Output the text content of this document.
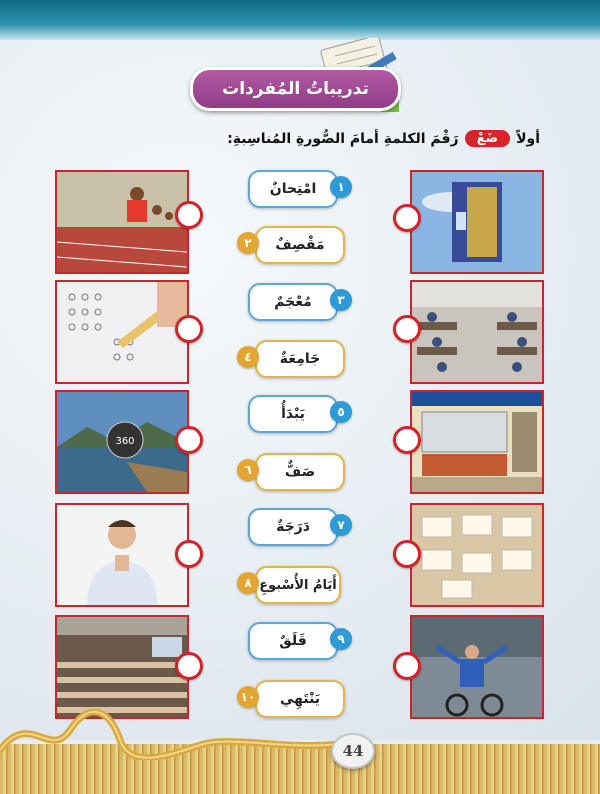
تدريباتُ المُفردات
أولاً
ضَعْ
رَقْمَ الكلمةِ أمامَ الصُّورةِ المُناسِبةِ:
360
امْتِحانٌ	١
مَقْصِفٌ
٢
مُعْجَمٌ	٣
جَامِعَةٌ
٤
يَبْدَأُ	٥
صَفٌّ
٦
دَرَجَةٌ	٧
أَيَامُ الأُسْبوعِ
٨
قَلَقٌ	٩
يَنْتَهِي
١٠
44
